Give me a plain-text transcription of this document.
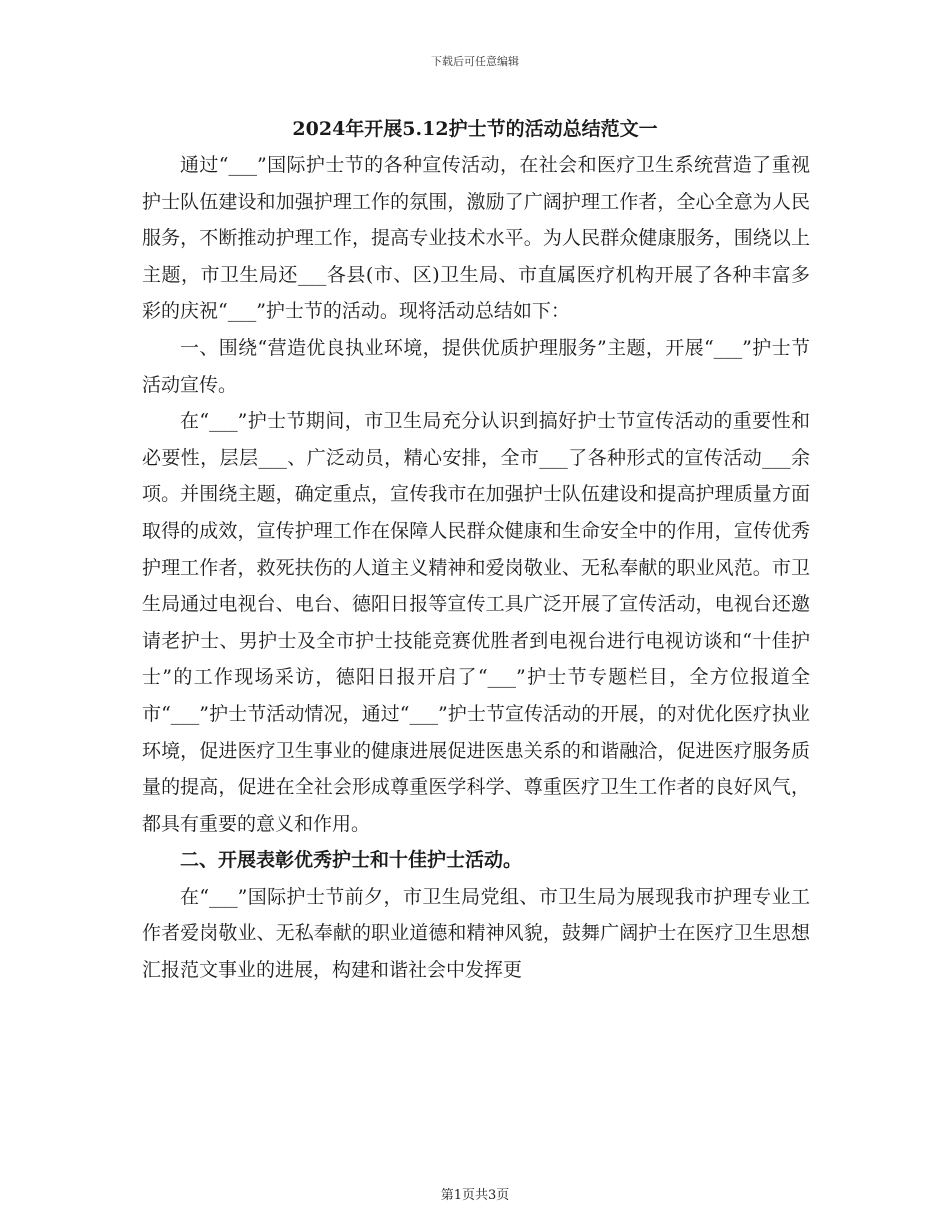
下载后可任意编辑
2024年开展5.12护士节的活动总结范文一

通过“___”国际护士节的各种宣传活动，在社会和医疗卫生系统营造了重视护士队伍建设和加强护理工作的氛围，激励了广阔护理工作者，全心全意为人民服务，不断推动护理工作，提高专业技术水平。为人民群众健康服务，围绕以上主题，市卫生局还___各县(市、区)卫生局、市直属医疗机构开展了各种丰富多彩的庆祝“___”护士节的活动。现将活动总结如下：

一、围绕“营造优良执业环境，提供优质护理服务”主题，开展“___”护士节活动宣传。

在“___”护士节期间，市卫生局充分认识到搞好护士节宣传活动的重要性和必要性，层层___、广泛动员，精心安排，全市___了各种形式的宣传活动___余项。并围绕主题，确定重点，宣传我市在加强护士队伍建设和提高护理质量方面取得的成效，宣传护理工作在保障人民群众健康和生命安全中的作用，宣传优秀护理工作者，救死扶伤的人道主义精神和爱岗敬业、无私奉献的职业风范。市卫生局通过电视台、电台、德阳日报等宣传工具广泛开展了宣传活动，电视台还邀请老护士、男护士及全市护士技能竞赛优胜者到电视台进行电视访谈和“十佳护士”的工作现场采访，德阳日报开启了“___”护士节专题栏目，全方位报道全市“___”护士节活动情况，通过“___”护士节宣传活动的开展，的对优化医疗执业环境，促进医疗卫生事业的健康进展促进医患关系的和谐融洽，促进医疗服务质量的提高，促进在全社会形成尊重医学科学、尊重医疗卫生工作者的良好风气，都具有重要的意义和作用。

二、开展表彰优秀护士和十佳护士活动。

在“___”国际护士节前夕，市卫生局党组、市卫生局为展现我市护理专业工作者爱岗敬业、无私奉献的职业道德和精神风貌，鼓舞广阔护士在医疗卫生思想汇报范文事业的进展，构建和谐社会中发挥更

第1页共3页
